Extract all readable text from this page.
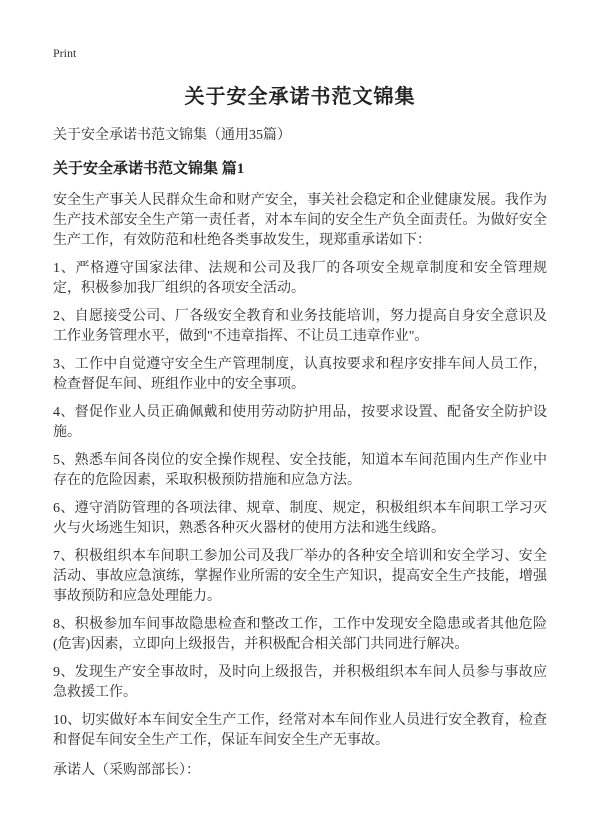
Print
关于安全承诺书范文锦集

关于安全承诺书范文锦集（通用35篇）

关于安全承诺书范文锦集 篇1

安全生产事关人民群众生命和财产安全，事关社会稳定和企业健康发展。我作为生产技术部安全生产第一责任者，对本车间的安全生产负全面责任。为做好安全生产工作，有效防范和杜绝各类事故发生，现郑重承诺如下：

1、严格遵守国家法律、法规和公司及我厂的各项安全规章制度和安全管理规定，积极参加我厂组织的各项安全活动。

2、自愿接受公司、厂各级安全教育和业务技能培训，努力提高自身安全意识及工作业务管理水平，做到"不违章指挥、不让员工违章作业"。

3、工作中自觉遵守安全生产管理制度，认真按要求和程序安排车间人员工作，检查督促车间、班组作业中的安全事项。

4、督促作业人员正确佩戴和使用劳动防护用品，按要求设置、配备安全防护设施。

5、熟悉车间各岗位的安全操作规程、安全技能，知道本车间范围内生产作业中存在的危险因素，采取积极预防措施和应急方法。

6、遵守消防管理的各项法律、规章、制度、规定，积极组织本车间职工学习灭火与火场逃生知识，熟悉各种灭火器材的使用方法和逃生线路。

7、积极组织本车间职工参加公司及我厂举办的各种安全培训和安全学习、安全活动、事故应急演练，掌握作业所需的安全生产知识，提高安全生产技能，增强事故预防和应急处理能力。

8、积极参加车间事故隐患检查和整改工作，工作中发现安全隐患或者其他危险(危害)因素，立即向上级报告，并积极配合相关部门共同进行解决。

9、发现生产安全事故时，及时向上级报告，并积极组织本车间人员参与事故应急救援工作。

10、切实做好本车间安全生产工作，经常对本车间作业人员进行安全教育，检查和督促车间安全生产工作，保证车间安全生产无事故。

承诺人（采购部部长）：
